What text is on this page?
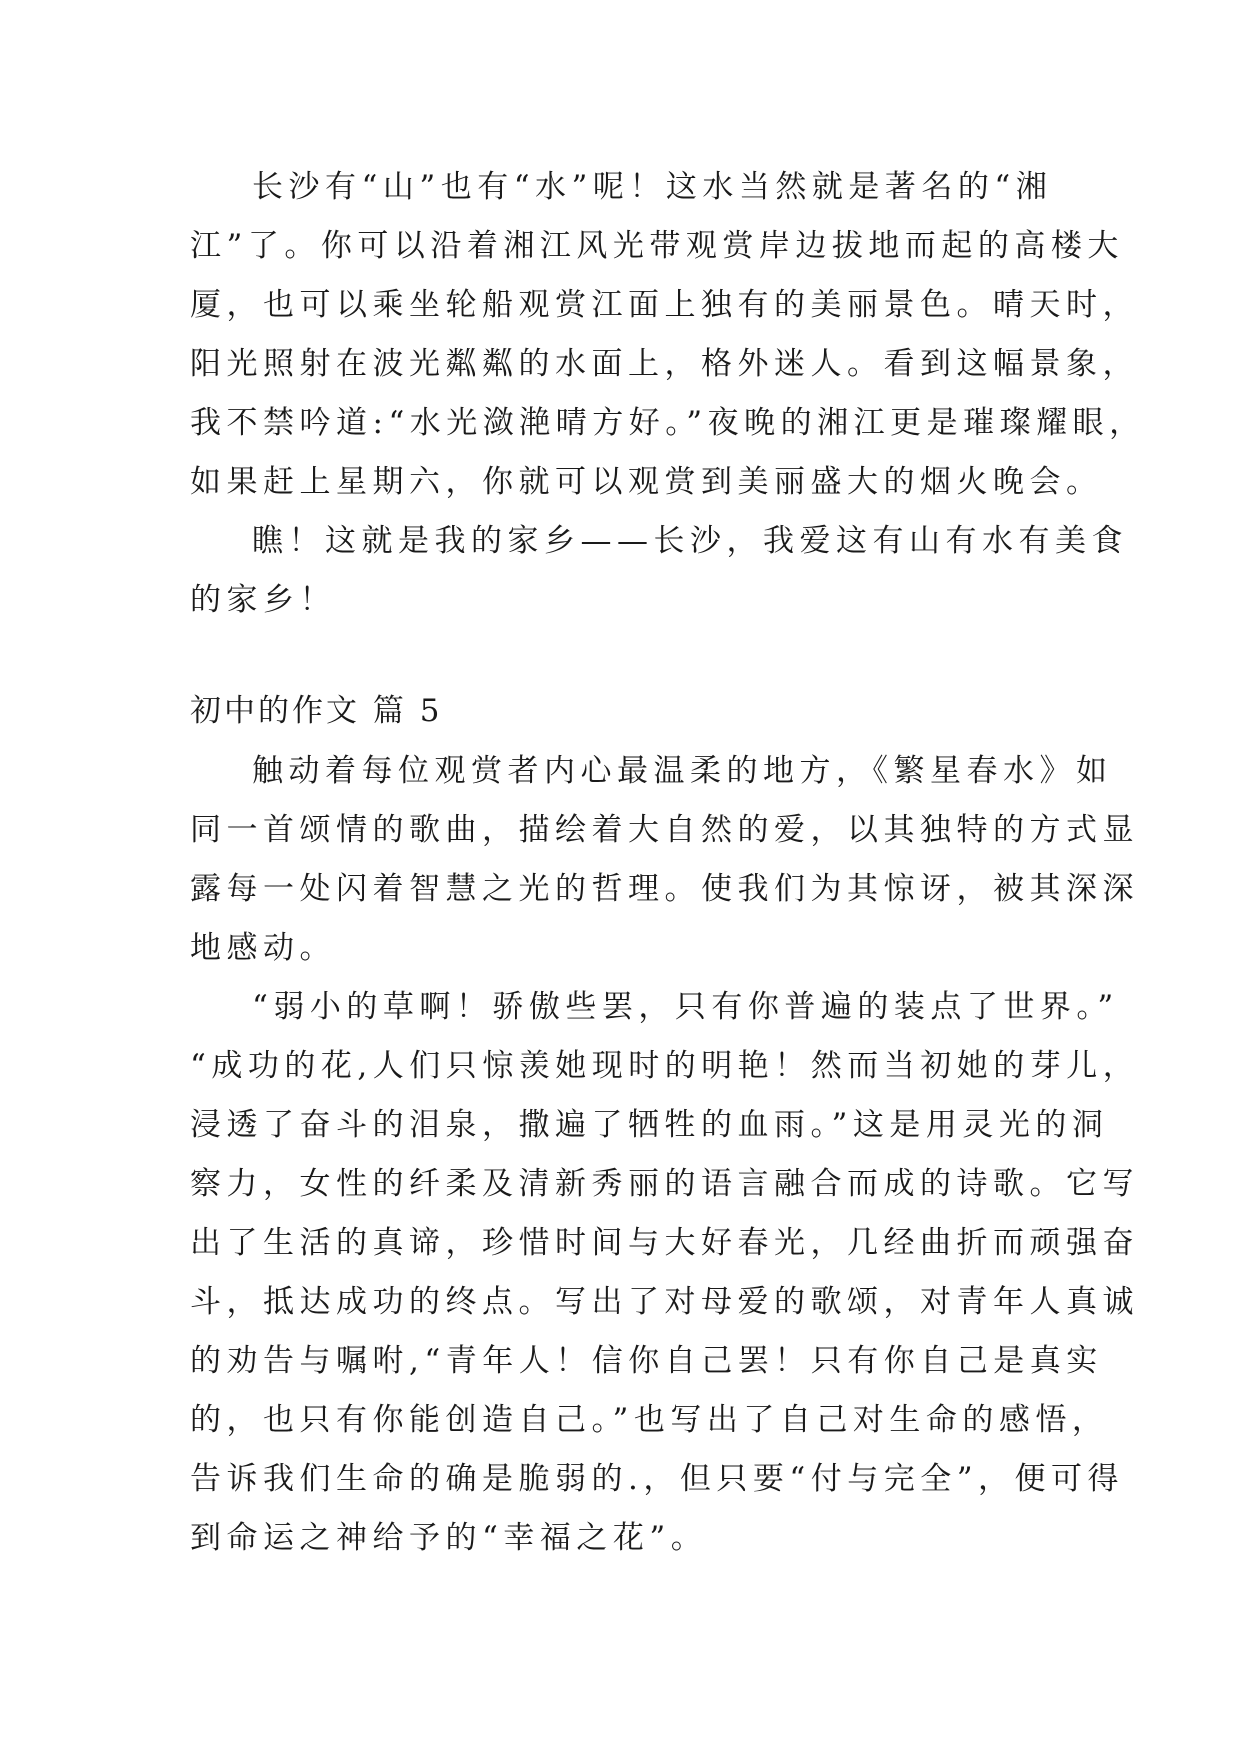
长沙有“山”也有“水”呢！这水当然就是著名的“湘
江”了。你可以沿着湘江风光带观赏岸边拔地而起的高楼大
厦，也可以乘坐轮船观赏江面上独有的美丽景色。晴天时，
阳光照射在波光粼粼的水面上，格外迷人。看到这幅景象，
我不禁吟道:“水光潋滟晴方好。”夜晚的湘江更是璀璨耀眼，
如果赶上星期六，你就可以观赏到美丽盛大的烟火晚会。
瞧！这就是我的家乡——长沙，我爱这有山有水有美食
的家乡！
初中的作文 篇 5
触动着每位观赏者内心最温柔的地方，《繁星春水》如
同一首颂情的歌曲，描绘着大自然的爱，以其独特的方式显
露每一处闪着智慧之光的哲理。使我们为其惊讶，被其深深
地感动。
“弱小的草啊！骄傲些罢，只有你普遍的装点了世界。”
“成功的花,人们只惊羡她现时的明艳！然而当初她的芽儿，
浸透了奋斗的泪泉，撒遍了牺牲的血雨。”这是用灵光的洞
察力，女性的纤柔及清新秀丽的语言融合而成的诗歌。它写
出了生活的真谛，珍惜时间与大好春光，几经曲折而顽强奋
斗，抵达成功的终点。写出了对母爱的歌颂，对青年人真诚
的劝告与嘱咐,“青年人！信你自己罢！只有你自己是真实
的，也只有你能创造自己。”也写出了自己对生命的感悟，
告诉我们生命的确是脆弱的.，但只要“付与完全”，便可得
到命运之神给予的“幸福之花”。
